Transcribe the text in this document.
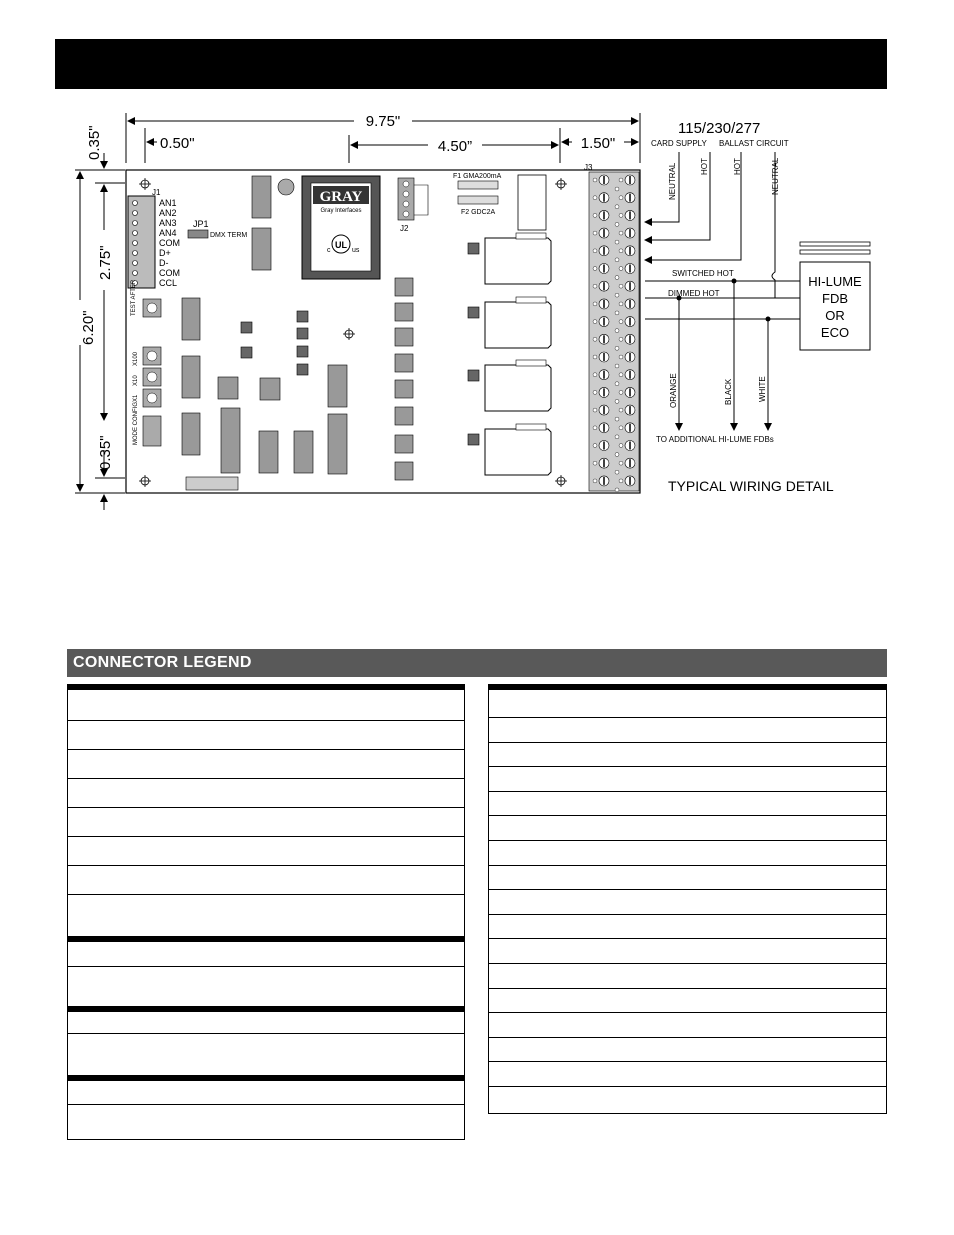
9.75"
0.50"	4.50”	1.50"
0.35"
6.20"
2.75"
0.35"
J1
AN1
AN2
AN3
AN4
COM
D+
D-
COM
CCL
JP1
DMX TERM
TEST AFTER
X100
X10
X1
MODE CONFIG
GRAY
Gray Interfaces
UL
c	us
J2
F1 GMA200mA
F2 GDC2A
J3
115/230/277
CARD SUPPLY BALLAST CIRCUIT
NEUTRAL	HOT	HOT	NEUTRAL
SWITCHED HOT
DIMMED HOT
ORANGE	BLACK	WHITE
TO ADDITIONAL HI-LUME FDBs
HI-LUME
FDB
OR
ECO
TYPICAL WIRING DETAIL
CONNECTOR LEGEND
